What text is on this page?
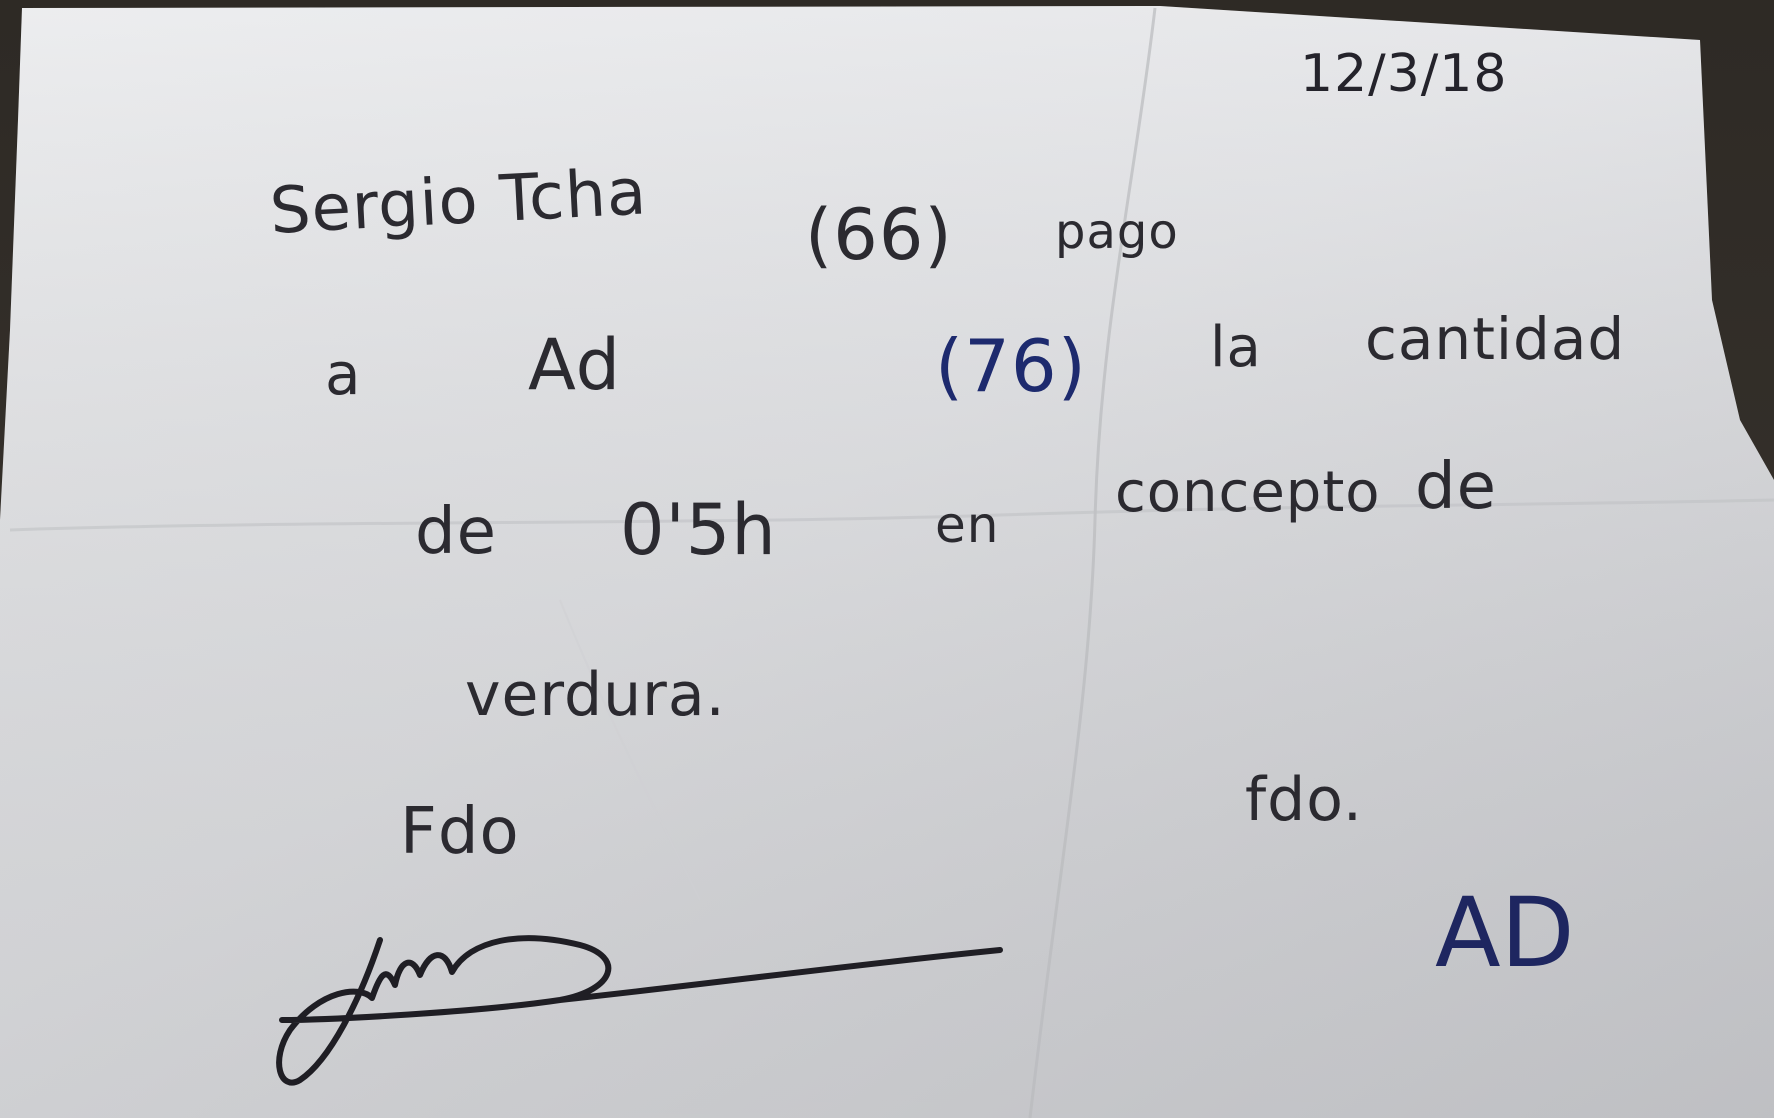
12/3/18
Sergio Tcha (66) pago
a Ad	(76) la cantidad
de 0'5h	en concepto de
verdura.
Fdo	fdo.
AD
